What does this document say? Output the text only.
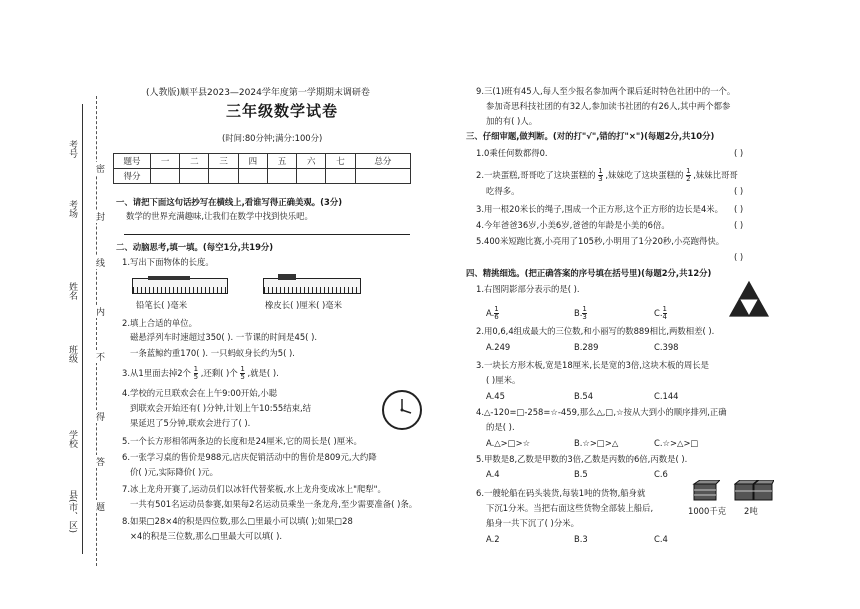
考号
考场
姓名
班级
学校
县(市、区)
密
封
线
内
不
得
答
题
(人教版)顺平县2023—2024学年度第一学期期末调研卷
三年级数学试卷
(时间:80分钟;满分:100分)
题号	一	二	三	四	五	六	七	总分
得分								
一、请把下面这句话抄写在横线上,看谁写得正确美观。(3分)
数学的世界充满趣味,让我们在数学中找到快乐吧。
二、动脑思考,填一填。(每空1分,共19分)
1.写出下面物体的长度。
铅笔长( )毫米	橡皮长( )厘米( )毫米
2.填上合适的单位。
磁悬浮列车时速超过350( ). 一节课的时间是45( ).
一条蓝鲸约重170( ). 一只蚂蚁身长约为5( ).
3.从1里面去掉2个 $\frac{1}{5}$ ,还剩( )个 $\frac{1}{5}$ ,就是( ).
4.学校的元旦联欢会在上午9:00开始,小聪
到联欢会开始还有( )分钟,计划上午10:55结束,结
果延迟了5分钟,联欢会进行了( ).
5.一个长方形相邻两条边的长度和是24厘米,它的周长是( )厘米。
6.一张学习桌的售价是988元,店庆促销活动中的售价是809元,大约降
价( )元,实际降价( )元。
7.冰上龙舟开赛了,运动员们以冰钎代替桨板,水上龙舟变成冰上"爬犁"。
一共有501名运动员参赛,如果每2名运动员乘坐一条龙舟,至少需要准备( )条。
8.如果□28×4的积是四位数,那么□里最小可以填( );如果□28
×4的积是三位数,那么□里最大可以填( ).
9.三(1)班有45人,每人至少报名参加两个课后延时特色社团中的一个。
参加奇思科技社团的有32人,参加读书社团的有26人,其中两个都参
加的有( )人。
三、仔细审题,做判断。(对的打"√",错的打"×")(每题2分,共10分)
1.0乘任何数都得0.	( )
2.一块蛋糕,哥哥吃了这块蛋糕的 $\frac{1}{3}$ ,妹妹吃了这块蛋糕的 $\frac{1}{2}$ ,妹妹比哥哥
吃得多。	( )
3.用一根20米长的绳子,围成一个正方形,这个正方形的边长是4米。 ( )
4.今年爸爸36岁,小美6岁,爸爸的年龄是小美的6倍。	( )
5.400米短跑比赛,小亮用了105秒,小明用了1分20秒,小亮跑得快。
( )
四、精挑细选。(把正确答案的序号填在括号里)(每题2分,共12分)
1.右图阴影部分表示的是( ).
A. $\frac{1}{6}$	B. $\frac{1}{3}$	C. $\frac{1}{4}$
2.用0,6,4组成最大的三位数,和小丽写的数889相比,两数相差( ).
A.249	B.289	C.398
3.一块长方形木板,宽是18厘米,长是宽的3倍,这块木板的周长是
( )厘米。
A.45	B.54	C.144
4.△-120=□-258=☆-459,那么△,□,☆按从大到小的顺序排列,正确
的是( ).
A.△>□>☆	B.☆>□>△	C.☆>△>□
5.甲数是8,乙数是甲数的3倍,乙数是丙数的6倍,丙数是( ).
A.4	B.5	C.6
6.一艘轮船在码头装货,每装1吨的货物,船身就
下沉1分米。当把右面这些货物全部装上船后,
船身一共下沉了( )分米。
A.2	B.3	C.4
1000千克 2吨
